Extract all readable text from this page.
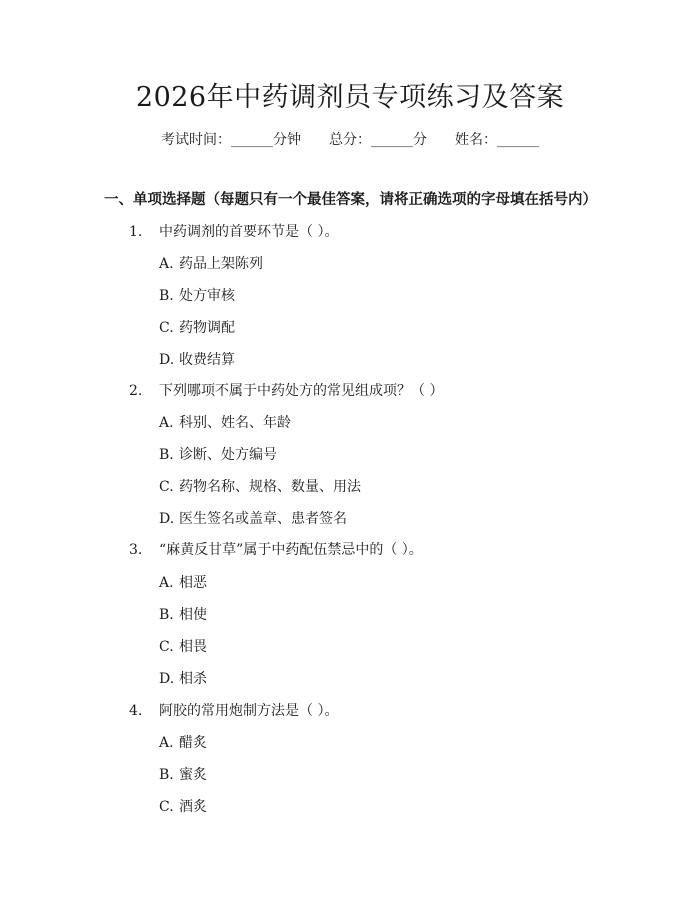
2026年中药调剂员专项练习及答案
考试时间：______分钟 总分：______分 姓名：______
一、单项选择题（每题只有一个最佳答案，请将正确选项的字母填在括号内）
1. 中药调剂的首要环节是（ ）。
A. 药品上架陈列
B. 处方审核
C. 药物调配
D. 收费结算
2. 下列哪项不属于中药处方的常见组成项？（ ）
A. 科别、姓名、年龄
B. 诊断、处方编号
C. 药物名称、规格、数量、用法
D. 医生签名或盖章、患者签名
3. “麻黄反甘草”属于中药配伍禁忌中的（ ）。
A. 相恶
B. 相使
C. 相畏
D. 相杀
4. 阿胶的常用炮制方法是（ ）。
A. 醋炙
B. 蜜炙
C. 酒炙
